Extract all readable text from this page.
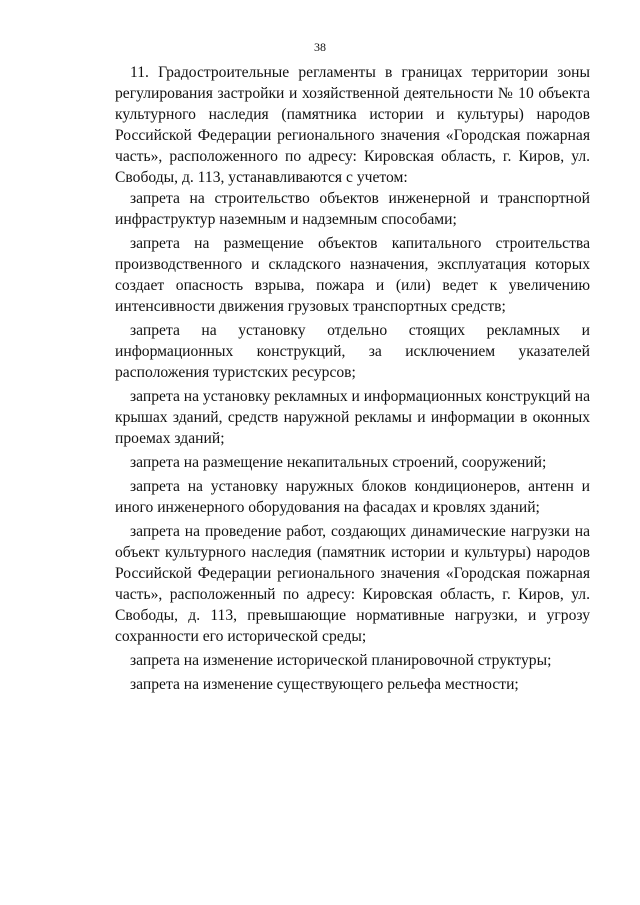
38

11. Градостроительные регламенты в границах территории зоны регулирования застройки и хозяйственной деятельности № 10 объекта культурного наследия (памятника истории и культуры) народов Российской Федерации регионального значения «Городская пожарная часть», расположенного по адресу: Кировская область, г. Киров, ул. Свободы, д. 113, устанавливаются с учетом:

запрета на строительство объектов инженерной и транспортной инфраструктур наземным и надземным способами;

запрета на размещение объектов капитального строительства производственного и складского назначения, эксплуатация которых создает опасность взрыва, пожара и (или) ведет к увеличению интенсивности движения грузовых транспортных средств;

запрета на установку отдельно стоящих рекламных и информационных конструкций, за исключением указателей расположения туристских ресурсов;

запрета на установку рекламных и информационных конструкций на крышах зданий, средств наружной рекламы и информации в оконных проемах зданий;

запрета на размещение некапитальных строений, сооружений;

запрета на установку наружных блоков кондиционеров, антенн и иного инженерного оборудования на фасадах и кровлях зданий;

запрета на проведение работ, создающих динамические нагрузки на объект культурного наследия (памятник истории и культуры) народов Российской Федерации регионального значения «Городская пожарная часть», расположенный по адресу: Кировская область, г. Киров, ул. Свободы, д. 113, превышающие нормативные нагрузки, и угрозу сохранности его исторической среды;

запрета на изменение исторической планировочной структуры;

запрета на изменение существующего рельефа местности;
